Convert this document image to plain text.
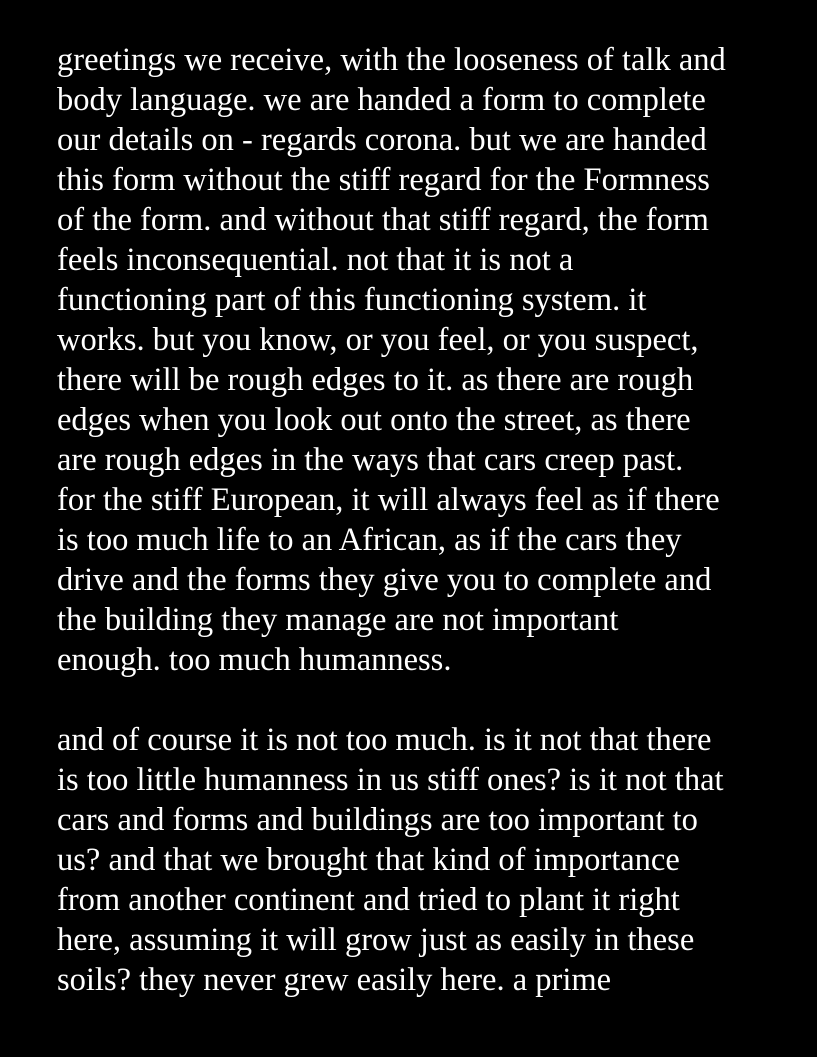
greetings we receive, with the looseness of talk and
body language. we are handed a form to complete
our details on - regards corona. but we are handed
this form without the stiff regard for the Formness
of the form. and without that stiff regard, the form
feels inconsequential. not that it is not a
functioning part of this functioning system. it
works. but you know, or you feel, or you suspect,
there will be rough edges to it. as there are rough
edges when you look out onto the street, as there
are rough edges in the ways that cars creep past.
for the stiff European, it will always feel as if there
is too much life to an African, as if the cars they
drive and the forms they give you to complete and
the building they manage are not important
enough. too much humanness.
and of course it is not too much. is it not that there
is too little humanness in us stiff ones? is it not that
cars and forms and buildings are too important to
us? and that we brought that kind of importance
from another continent and tried to plant it right
here, assuming it will grow just as easily in these
soils? they never grew easily here. a prime
